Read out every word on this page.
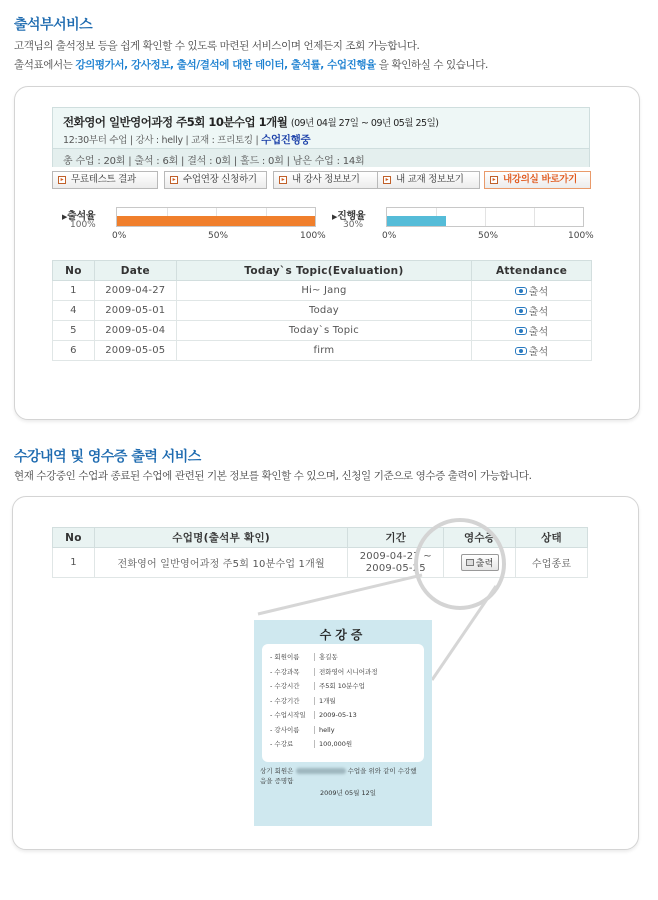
출석부서비스
고객님의 출석정보 등을 쉽게 확인할 수 있도록 마련된 서비스이며 언제든지 조회 가능합니다.
출석표에서는 강의평가서, 강사정보, 출석/결석에 대한 데이터, 출석률, 수업진행율 을 확인하실 수 있습니다.
전화영어 일반영어과정 주5회 10분수업 1개월 (09년 04월 27일 ~ 09년 05월 25일)
12:30부터 수업 | 강사 : helly | 교재 : 프리토킹 | 수업진행중
총 수업 : 20회 | 출석 : 6회 | 결석 : 0회 | 홀드 : 0회 | 남은 수업 : 14회
▸ 무료테스트 결과	▸ 수업연장 신청하기	▸ 내 강사 정보보기	▸ 내 교재 정보보기	▸ 내강의실 바로가기
▶출석율
100%
0%	50%	100%
▶진행율
30%
0%	50%	100%
No	Date	Today`s Topic(Evaluation)	Attendance
1	2009-04-27	Hi~ Jang	출석

4	2009-05-01	Today	출석

5	2009-05-04	Today`s Topic	출석

6	2009-05-05	firm	출석
수강내역 및 영수증 출력 서비스
현재 수강중인 수업과 종료된 수업에 관련된 기본 정보를 확인할 수 있으며, 신청일 기준으로 영수증 출력이 가능합니다.
No	수업명(출석부 확인)	기간	영수증	상태
1	전화영어 일반영어과정 주5회 10분수업 1개월	2009-04-27 ~
2009-05-25	출력	수업종료
수강증
- 회원이름	홍길동
- 수강과목	전화영어 시니어과정
- 수강시간	주5회 10분수업
- 수강기간	1개월
- 수업시작일 2009-05-13
- 강사이름	helly
- 수강료	100,000원
상기 회원은	수업을 위와 같이 수강했
음을 증명함
2009년 05월 12일
